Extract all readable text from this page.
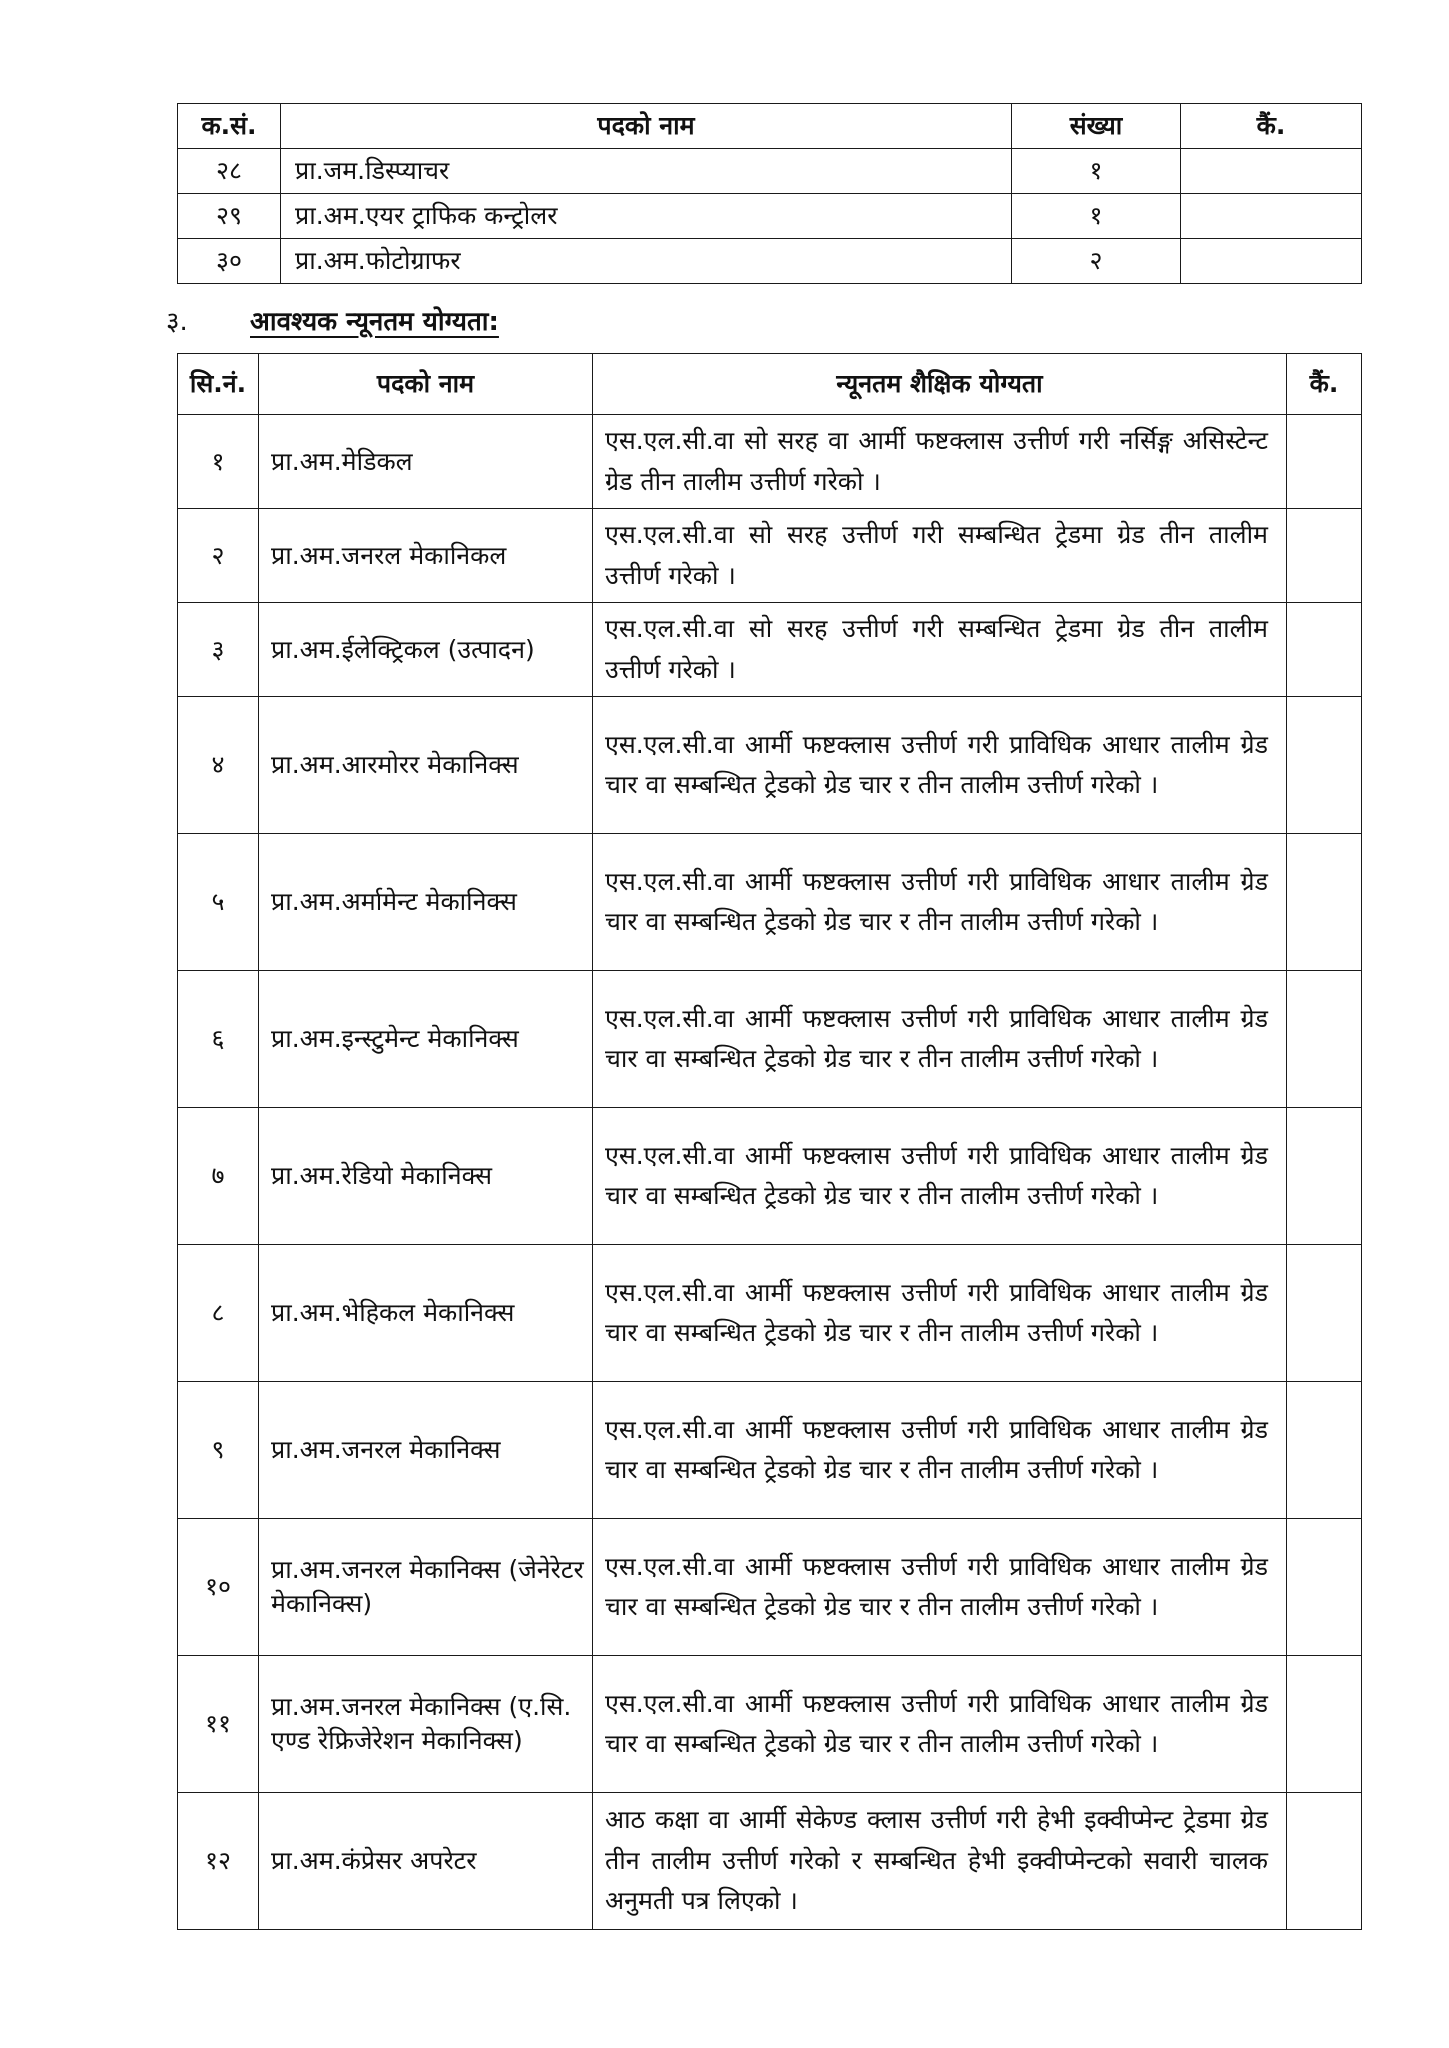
क.सं.	पदको नाम	संख्या	कैं.
२८	प्रा.जम.डिस्प्याचर	१	
२९	प्रा.अम.एयर ट्राफिक कन्ट्रोलर	१	
३०	प्रा.अम.फोटोग्राफर	२	
३.	आवश्यक न्यूनतम योग्यता:
सि.नं.	पदको नाम	न्यूनतम शैक्षिक योग्यता	कैं.
१	प्रा.अम.मेडिकल	एस.एल.सी.वा सो सरह वा आर्मी फष्टक्लास उत्तीर्ण गरी नर्सिङ्ग असिस्टेन्ट ग्रेड तीन तालीम उत्तीर्ण गरेको ।	
२	प्रा.अम.जनरल मेकानिकल	एस.एल.सी.वा सो सरह उत्तीर्ण गरी सम्बन्धित ट्रेडमा ग्रेड तीन तालीम उत्तीर्ण गरेको ।	
३	प्रा.अम.ईलेक्ट्रिकल (उत्पादन)	एस.एल.सी.वा सो सरह उत्तीर्ण गरी सम्बन्धित ट्रेडमा ग्रेड तीन तालीम उत्तीर्ण गरेको ।	
४	प्रा.अम.आरमोरर मेकानिक्स	एस.एल.सी.वा आर्मी फष्टक्लास उत्तीर्ण गरी प्राविधिक आधार तालीम ग्रेड चार वा सम्बन्धित ट्रेडको ग्रेड चार र तीन तालीम उत्तीर्ण गरेको ।	
५	प्रा.अम.अर्मामेन्ट मेकानिक्स	एस.एल.सी.वा आर्मी फष्टक्लास उत्तीर्ण गरी प्राविधिक आधार तालीम ग्रेड चार वा सम्बन्धित ट्रेडको ग्रेड चार र तीन तालीम उत्तीर्ण गरेको ।	
६	प्रा.अम.इन्स्टुमेन्ट मेकानिक्स	एस.एल.सी.वा आर्मी फष्टक्लास उत्तीर्ण गरी प्राविधिक आधार तालीम ग्रेड चार वा सम्बन्धित ट्रेडको ग्रेड चार र तीन तालीम उत्तीर्ण गरेको ।	
७	प्रा.अम.रेडियो मेकानिक्स	एस.एल.सी.वा आर्मी फष्टक्लास उत्तीर्ण गरी प्राविधिक आधार तालीम ग्रेड चार वा सम्बन्धित ट्रेडको ग्रेड चार र तीन तालीम उत्तीर्ण गरेको ।	
८	प्रा.अम.भेहिकल मेकानिक्स	एस.एल.सी.वा आर्मी फष्टक्लास उत्तीर्ण गरी प्राविधिक आधार तालीम ग्रेड चार वा सम्बन्धित ट्रेडको ग्रेड चार र तीन तालीम उत्तीर्ण गरेको ।	
९	प्रा.अम.जनरल मेकानिक्स	एस.एल.सी.वा आर्मी फष्टक्लास उत्तीर्ण गरी प्राविधिक आधार तालीम ग्रेड चार वा सम्बन्धित ट्रेडको ग्रेड चार र तीन तालीम उत्तीर्ण गरेको ।	
१०	प्रा.अम.जनरल मेकानिक्स (जेनेरेटर मेकानिक्स)	एस.एल.सी.वा आर्मी फष्टक्लास उत्तीर्ण गरी प्राविधिक आधार तालीम ग्रेड चार वा सम्बन्धित ट्रेडको ग्रेड चार र तीन तालीम उत्तीर्ण गरेको ।	
११	प्रा.अम.जनरल मेकानिक्स (ए.सि. एण्ड रेफ्रिजेरेशन मेकानिक्स)	एस.एल.सी.वा आर्मी फष्टक्लास उत्तीर्ण गरी प्राविधिक आधार तालीम ग्रेड चार वा सम्बन्धित ट्रेडको ग्रेड चार र तीन तालीम उत्तीर्ण गरेको ।	
१२	प्रा.अम.कंप्रेसर अपरेटर	आठ कक्षा वा आर्मी सेकेण्ड क्लास उत्तीर्ण गरी हेभी इक्वीप्मेन्ट ट्रेडमा ग्रेड तीन तालीम उत्तीर्ण गरेको र सम्बन्धित हेभी इक्वीप्मेन्टको सवारी चालक अनुमती पत्र लिएको ।	
